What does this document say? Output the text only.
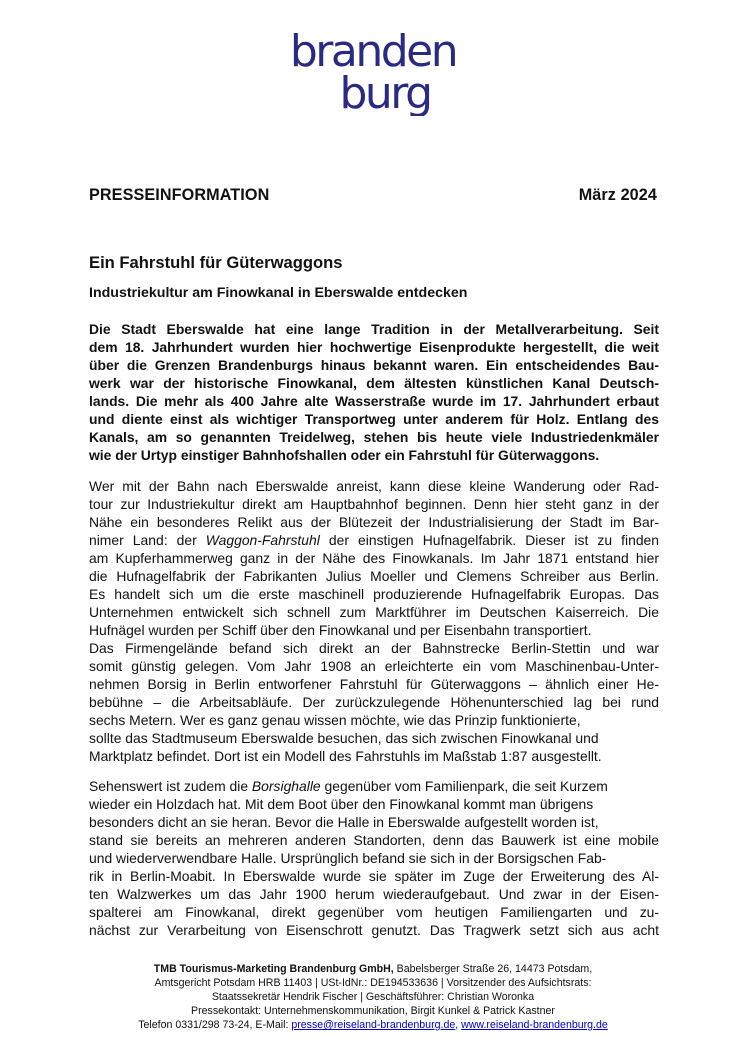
branden
burg
PRESSEINFORMATION	März 2024
Ein Fahrstuhl für Güterwaggons
Industriekultur am Finowkanal in Eberswalde entdecken
Die Stadt Eberswalde hat eine lange Tradition in der Metallverarbeitung. Seit
dem 18. Jahrhundert wurden hier hochwertige Eisenprodukte hergestellt, die weit
über die Grenzen Brandenburgs hinaus bekannt waren. Ein entscheidendes Bau-
werk war der historische Finowkanal, dem ältesten künstlichen Kanal Deutsch-
lands. Die mehr als 400 Jahre alte Wasserstraße wurde im 17. Jahrhundert erbaut
und diente einst als wichtiger Transportweg unter anderem für Holz. Entlang des
Kanals, am so genannten Treidelweg, stehen bis heute viele Industriedenkmäler
wie der Urtyp einstiger Bahnhofshallen oder ein Fahrstuhl für Güterwaggons.
Wer mit der Bahn nach Eberswalde anreist, kann diese kleine Wanderung oder Rad-
tour zur Industriekultur direkt am Hauptbahnhof beginnen. Denn hier steht ganz in der
Nähe ein besonderes Relikt aus der Blütezeit der Industrialisierung der Stadt im Bar-
nimer Land: der Waggon-Fahrstuhl der einstigen Hufnagelfabrik. Dieser ist zu finden
am Kupferhammerweg ganz in der Nähe des Finowkanals. Im Jahr 1871 entstand hier
die Hufnagelfabrik der Fabrikanten Julius Moeller und Clemens Schreiber aus Berlin.
Es handelt sich um die erste maschinell produzierende Hufnagelfabrik Europas. Das
Unternehmen entwickelt sich schnell zum Marktführer im Deutschen Kaiserreich. Die
Hufnägel wurden per Schiff über den Finowkanal und per Eisenbahn transportiert.
Das Firmengelände befand sich direkt an der Bahnstrecke Berlin-Stettin und war
somit günstig gelegen. Vom Jahr 1908 an erleichterte ein vom Maschinenbau-Unter-
nehmen Borsig in Berlin entworfener Fahrstuhl für Güterwaggons – ähnlich einer He-
bebühne – die Arbeitsabläufe. Der zurückzulegende Höhenunterschied lag bei rund
sechs Metern. Wer es ganz genau wissen möchte, wie das Prinzip funktionierte,
sollte das Stadtmuseum Eberswalde besuchen, das sich zwischen Finowkanal und
Marktplatz befindet. Dort ist ein Modell des Fahrstuhls im Maßstab 1:87 ausgestellt.
Sehenswert ist zudem die Borsighalle gegenüber vom Familienpark, die seit Kurzem
wieder ein Holzdach hat. Mit dem Boot über den Finowkanal kommt man übrigens
besonders dicht an sie heran. Bevor die Halle in Eberswalde aufgestellt worden ist,
stand sie bereits an mehreren anderen Standorten, denn das Bauwerk ist eine mobile
und wiederverwendbare Halle. Ursprünglich befand sie sich in der Borsigschen Fab-
rik in Berlin-Moabit. In Eberswalde wurde sie später im Zuge der Erweiterung des Al-
ten Walzwerkes um das Jahr 1900 herum wiederaufgebaut. Und zwar in der Eisen-
spalterei am Finowkanal, direkt gegenüber vom heutigen Familiengarten und zu-
nächst zur Verarbeitung von Eisenschrott genutzt. Das Tragwerk setzt sich aus acht
TMB Tourismus-Marketing Brandenburg GmbH, Babelsberger Straße 26, 14473 Potsdam,
Amtsgericht Potsdam HRB 11403 | USt-IdNr.: DE194533636 | Vorsitzender des Aufsichtsrats:
Staatssekretär Hendrik Fischer | Geschäftsführer: Christian Woronka
Pressekontakt: Unternehmenskommunikation, Birgit Kunkel & Patrick Kastner
Telefon 0331/298 73-24, E-Mail: presse@reiseland-brandenburg.de, www.reiseland-brandenburg.de
